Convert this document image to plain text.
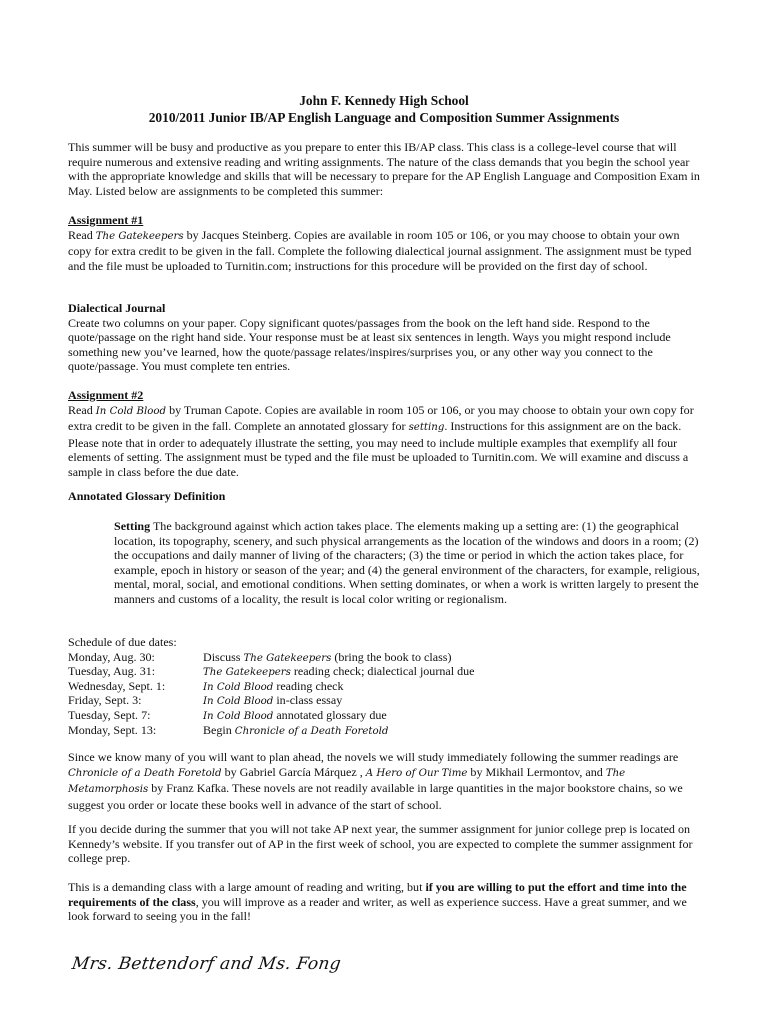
John F. Kennedy High School
2010/2011 Junior IB/AP English Language and Composition Summer Assignments

This summer will be busy and productive as you prepare to enter this IB/AP class. This class is a college-level course that will require numerous and extensive reading and writing assignments. The nature of the class demands that you begin the school year with the appropriate knowledge and skills that will be necessary to prepare for the AP English Language and Composition Exam in May. Listed below are assignments to be completed this summer:

Assignment #1
Read The Gatekeepers by Jacques Steinberg. Copies are available in room 105 or 106, or you may choose to obtain your own copy for extra credit to be given in the fall. Complete the following dialectical journal assignment. The assignment must be typed and the file must be uploaded to Turnitin.com; instructions for this procedure will be provided on the first day of school.

Dialectical Journal
Create two columns on your paper. Copy significant quotes/passages from the book on the left hand side. Respond to the quote/passage on the right hand side. Your response must be at least six sentences in length. Ways you might respond include something new you’ve learned, how the quote/passage relates/inspires/surprises you, or any other way you connect to the quote/passage. You must complete ten entries.

Assignment #2
Read In Cold Blood by Truman Capote. Copies are available in room 105 or 106, or you may choose to obtain your own copy for extra credit to be given in the fall. Complete an annotated glossary for setting. Instructions for this assignment are on the back. Please note that in order to adequately illustrate the setting, you may need to include multiple examples that exemplify all four elements of setting. The assignment must be typed and the file must be uploaded to Turnitin.com. We will examine and discuss a sample in class before the due date.

Annotated Glossary Definition

Setting The background against which action takes place. The elements making up a setting are: (1) the geographical location, its topography, scenery, and such physical arrangements as the location of the windows and doors in a room; (2) the occupations and daily manner of living of the characters; (3) the time or period in which the action takes place, for example, epoch in history or season of the year; and (4) the general environment of the characters, for example, religious, mental, moral, social, and emotional conditions. When setting dominates, or when a work is written largely to present the manners and customs of a locality, the result is local color writing or regionalism.

Schedule of due dates:
Monday, Aug. 30:	Discuss The Gatekeepers (bring the book to class)
Tuesday, Aug. 31:	The Gatekeepers reading check; dialectical journal due
Wednesday, Sept. 1:	In Cold Blood reading check
Friday, Sept. 3:	In Cold Blood in-class essay
Tuesday, Sept. 7:	In Cold Blood annotated glossary due
Monday, Sept. 13:	Begin Chronicle of a Death Foretold

Since we know many of you will want to plan ahead, the novels we will study immediately following the summer readings are Chronicle of a Death Foretold by Gabriel García Márquez , A Hero of Our Time by Mikhail Lermontov, and The Metamorphosis by Franz Kafka. These novels are not readily available in large quantities in the major bookstore chains, so we suggest you order or locate these books well in advance of the start of school.

If you decide during the summer that you will not take AP next year, the summer assignment for junior college prep is located on Kennedy’s website. If you transfer out of AP in the first week of school, you are expected to complete the summer assignment for college prep.

This is a demanding class with a large amount of reading and writing, but if you are willing to put the effort and time into the requirements of the class, you will improve as a reader and writer, as well as experience success. Have a great summer, and we look forward to seeing you in the fall!

Mrs. Bettendorf and Ms. Fong
